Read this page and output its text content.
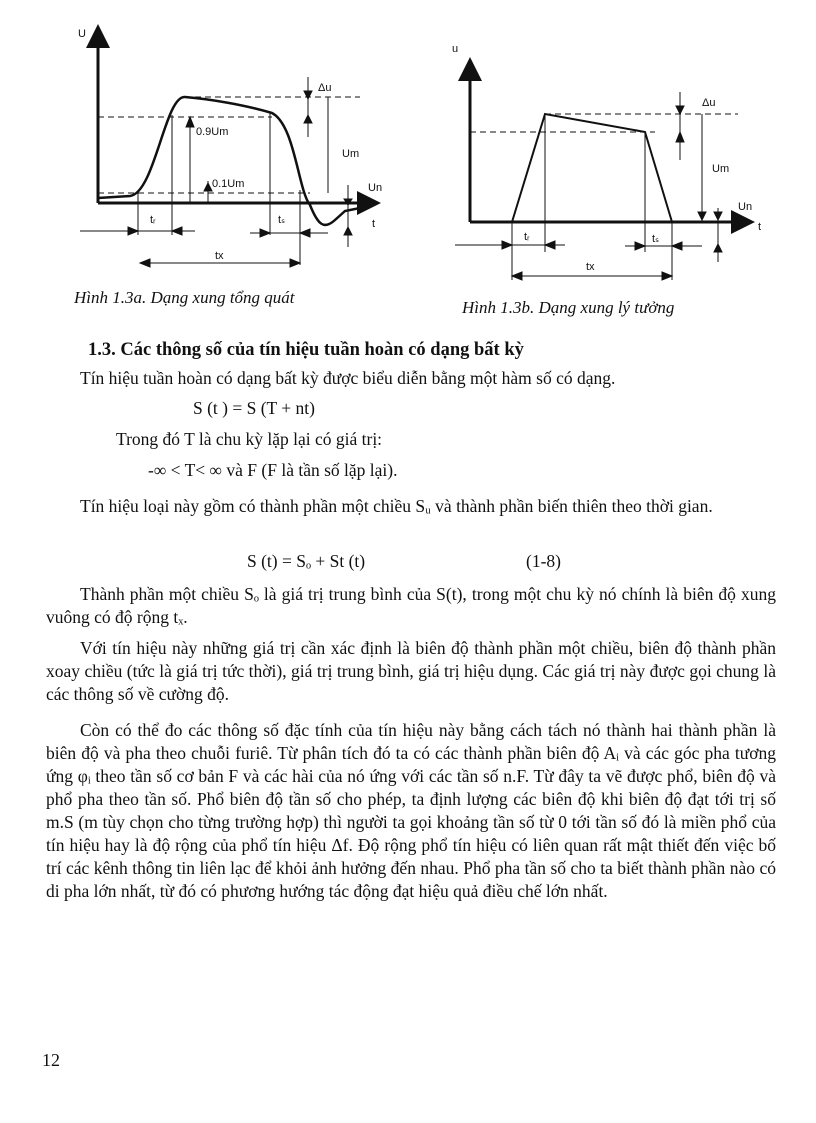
U
Δu
0.9Um
0.1Um
Um
Un
t
tᵣ	tₛ
tx
Hình 1.3a. Dạng xung tổng quát
u
Δu
Um
Un
t
tᵣ	tₛ
tx
Hình 1.3b. Dạng xung lý tưởng
1.3. Các thông số của tín hiệu tuần hoàn có dạng bất kỳ

Tín hiệu tuần hoàn có dạng bất kỳ được biểu diễn bằng một hàm số có dạng.

S (t ) = S (T + nt)

Trong đó T là chu kỳ lặp lại có giá trị:

-∞ < T< ∞ và F (F là tần số lặp lại).

Tín hiệu loại này gồm có thành phần một chiều Sᵤ và thành phần biến thiên theo thời gian.

S (t) = Sₒ + St (t)	(1-8)

Thành phần một chiều Sₒ là giá trị trung bình của S(t), trong một chu kỳ nó chính là biên độ xung vuông có độ rộng tₓ.

Với tín hiệu này những giá trị cần xác định là biên độ thành phần một chiều, biên độ thành phần xoay chiều (tức là giá trị tức thời), giá trị trung bình, giá trị hiệu dụng. Các giá trị này được gọi chung là các thông số về cường độ.

Còn có thể đo các thông số đặc tính của tín hiệu này bằng cách tách nó thành hai thành phần là biên độ và pha theo chuỗi furiê. Từ phân tích đó ta có các thành phần biên độ Aᵢ và các góc pha tương ứng φᵢ theo tần số cơ bản F và các hài của nó ứng với các tần số n.F. Từ đây ta vẽ được phổ, biên độ và phổ pha theo tần số. Phổ biên độ tần số cho phép, ta định lượng các biên độ khi biên độ đạt tới trị số m.S (m tùy chọn cho từng trường hợp) thì người ta gọi khoảng tần số từ 0 tới tần số đó là miền phổ của tín hiệu hay là độ rộng của phổ tín hiệu Δf. Độ rộng phổ tín hiệu có liên quan rất mật thiết đến việc bố trí các kênh thông tin liên lạc để khỏi ảnh hưởng đến nhau. Phổ pha tần số cho ta biết thành phần nào có di pha lớn nhất, từ đó có phương hướng tác động đạt hiệu quả điều chế lớn nhất.

12
